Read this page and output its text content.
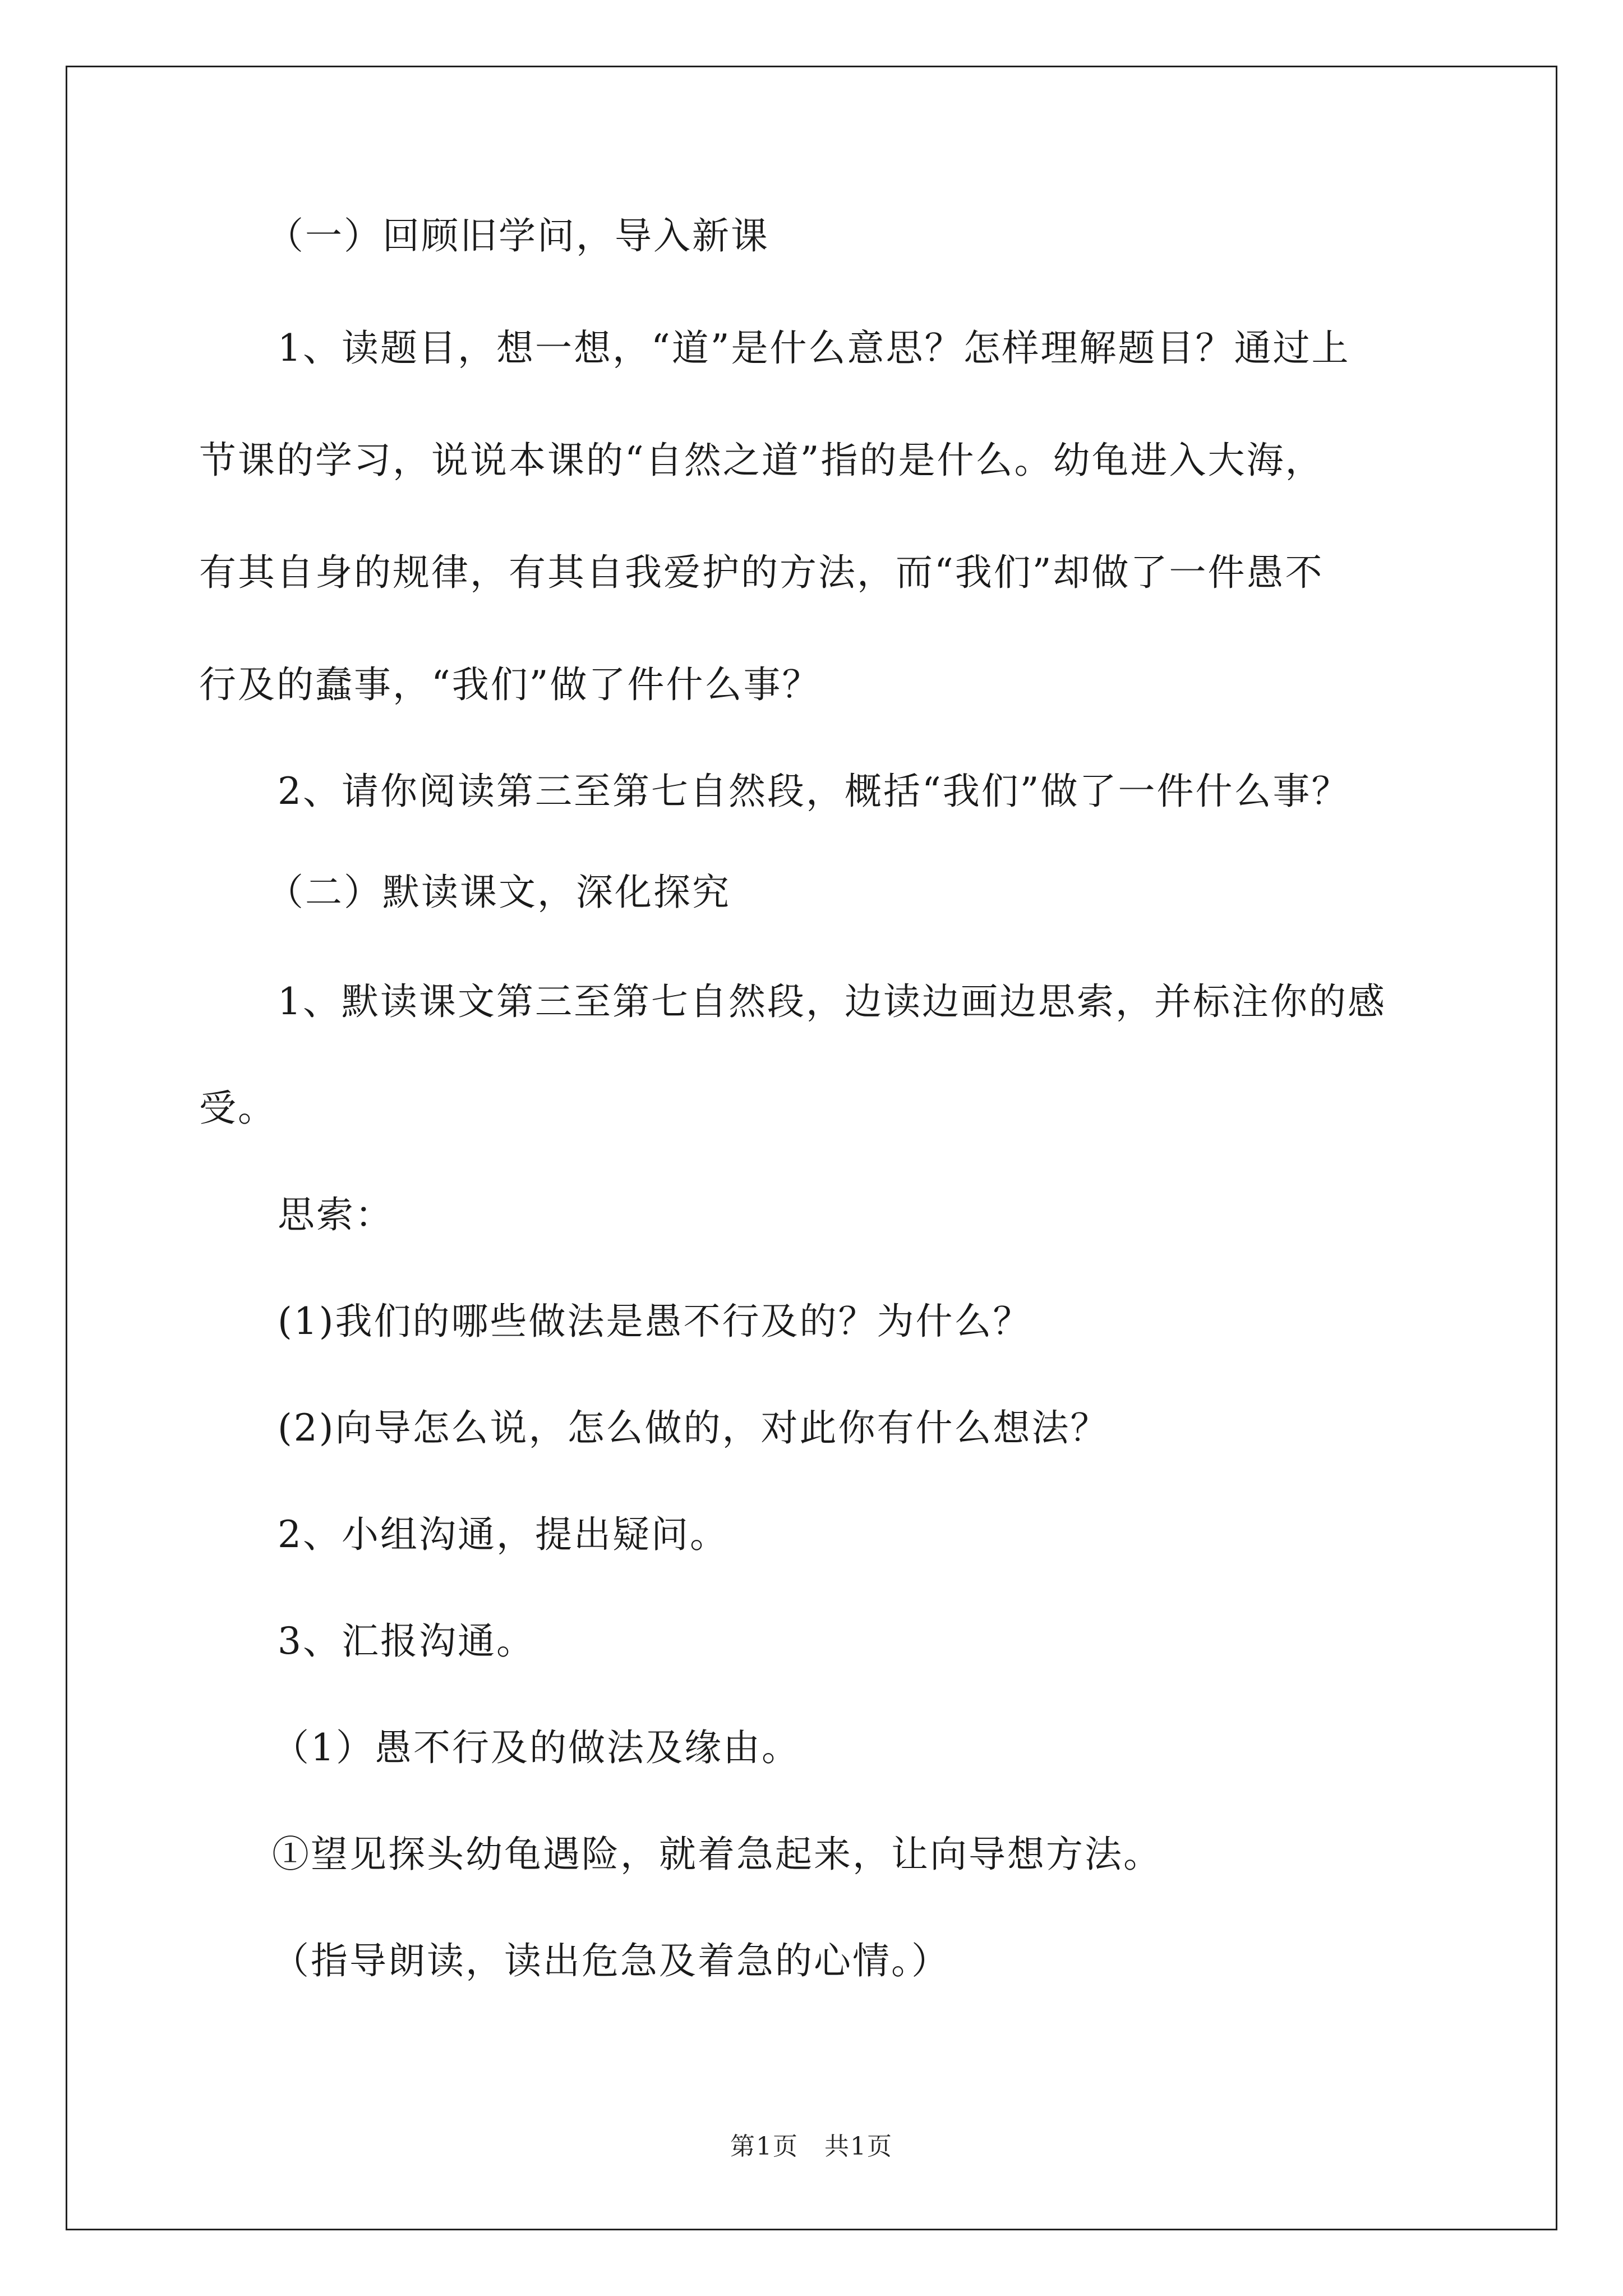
（一）回顾旧学问，导入新课
1、读题目，想一想，“道”是什么意思？怎样理解题目？通过上
节课的学习，说说本课的“自然之道”指的是什么。幼龟进入大海，
有其自身的规律，有其自我爱护的方法，而“我们”却做了一件愚不
行及的蠢事，“我们”做了件什么事？
2、请你阅读第三至第七自然段，概括“我们”做了一件什么事？
（二）默读课文，深化探究
1、默读课文第三至第七自然段，边读边画边思索，并标注你的感
受。
思索：
(1)我们的哪些做法是愚不行及的？为什么？
(2)向导怎么说，怎么做的，对此你有什么想法？
2、小组沟通，提出疑问。
3、汇报沟通。
（1）愚不行及的做法及缘由。
①望见探头幼龟遇险，就着急起来，让向导想方法。
（指导朗读，读出危急及着急的心情。）
第1页　共1页
